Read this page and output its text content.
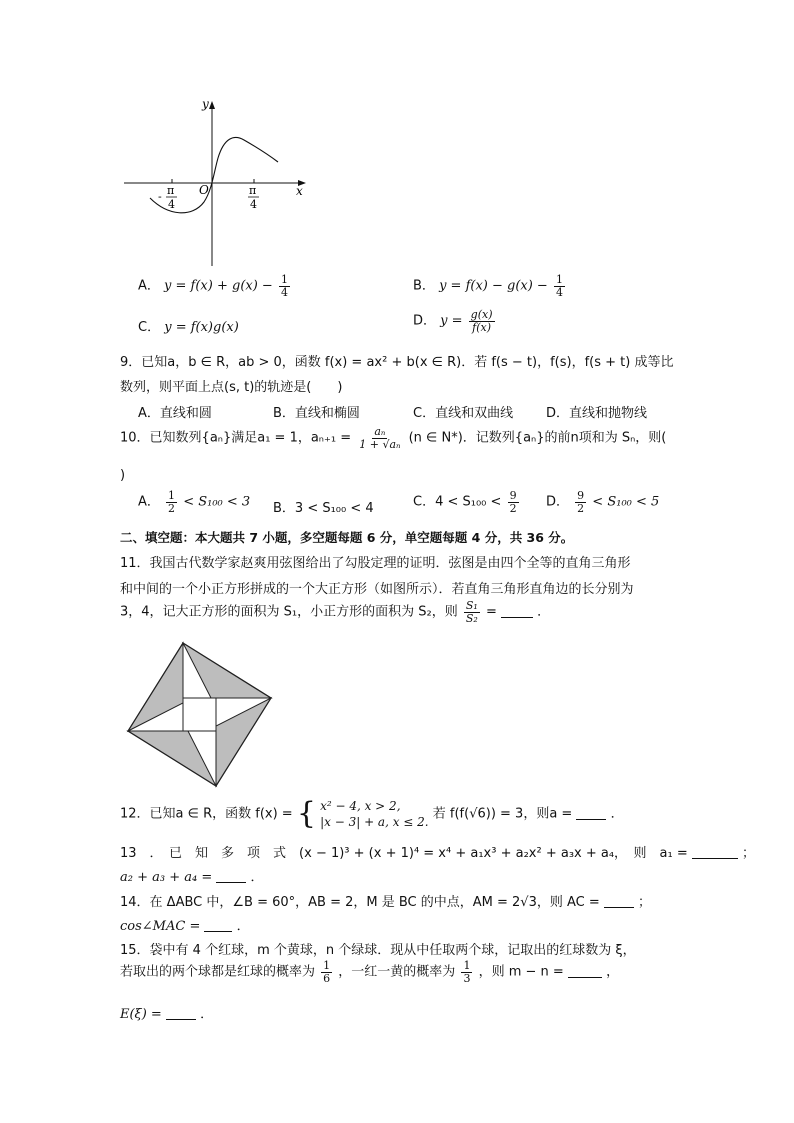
y
x
O
- π
4
π
4
A． $y = f(x) + g(x) - \frac{1}{4}$	B． $y = f(x) - g(x) - \frac{1}{4}$
C． y = f(x)g(x)	D． $y = \frac{g(x)}{f(x)}$
9．已知a，b ∈ R，ab > 0，函数 f(x) = ax² + b(x ∈ R)．若 f(s − t)，f(s)，f(s + t) 成等比
数列，则平面上点(s, t)的轨迹是(　　)
A．直线和圆	B．直线和椭圆	C．直线和双曲线	D．直线和抛物线
10．已知数列{aₙ}满足a₁ = 1，$a_{n+1} = \frac{\text{aₙ}}{\text{1 + √aₙ}} (n$ ∈ N*)．记数列{aₙ}的前n项和为 Sₙ，则(
)
A． $\frac{1}{2} < S_{100} < 3$ B．3 < S₁₀₀ < 4	C．$4 < S_{100} < \frac{9}{2}$ D． $\frac{9}{2} < S_{100} < 5$
二、填空题：本大题共 7 小题，多空题每题 6 分，单空题每题 4 分，共 36 分。
11．我国古代数学家赵爽用弦图给出了勾股定理的证明．弦图是由四个全等的直角三角形
和中间的一个小正方形拼成的一个大正方形（如图所示）．若直角三角形直角边的长分别为
3，4，记大正方形的面积为 S₁，小正方形的面积为 S₂，则 $\frac{\text{S₁}}{\text{S₂}}$ =	．
12．已知a ∈ R，函数 f(x) = { x² − 4, x > 2,
|x − 3| + a, x ≤ 2.
若 f(f(√6)) = 3，则a =	．
13　．　已　知　多　项　式　(x − 1)³ + (x + 1)⁴ = x⁴ + a₁x³ + a₂x² + a₃x + a₄，　则　a₁ =	；
a₂ + a₃ + a₄ =	．
14．在 ΔABC 中，∠B = 60°，AB = 2，M 是 BC 的中点，AM = 2√3，则 AC =	；
cos∠MAC =	．
15．袋中有 4 个红球，m 个黄球，n 个绿球．现从中任取两个球，记取出的红球数为 ξ，
若取出的两个球都是红球的概率为 $\frac{1}{6}$ ，一红一黄的概率为 $\frac{1}{3}$ ，则 m − n =	，
E(ξ) =	．
